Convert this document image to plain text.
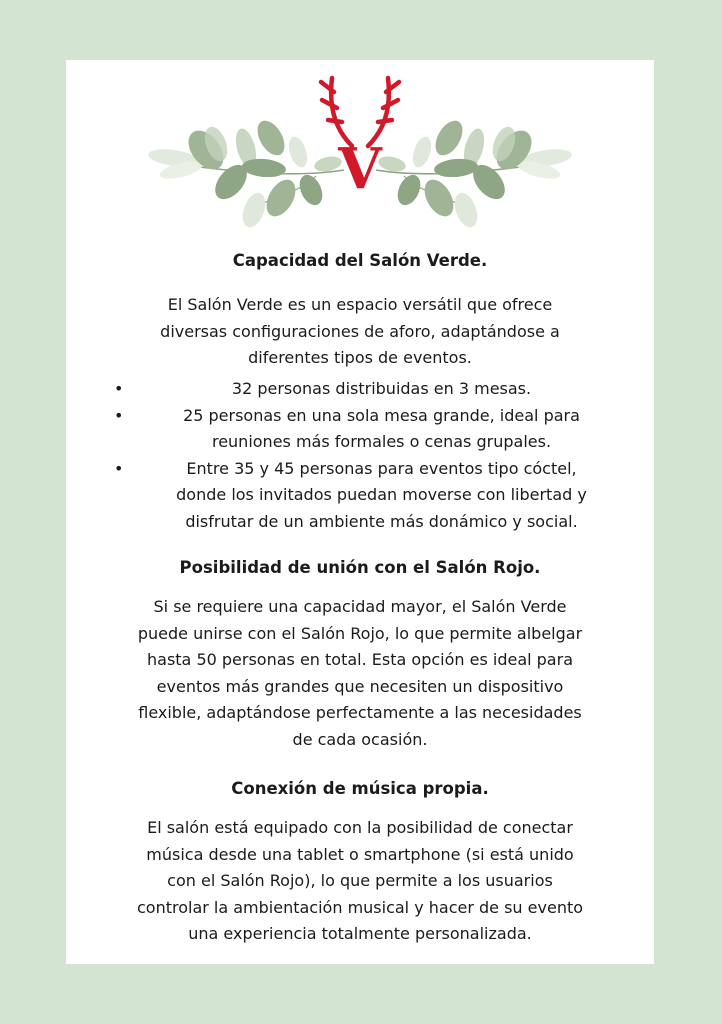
V
Capacidad del Salón Verde.

El Salón Verde es un espacio versátil que ofrece
diversas configuraciones de aforo, adaptándose a
diferentes tipos de eventos.

•	32 personas distribuidas en 3 mesas.
•	25 personas en una sola mesa grande, ideal para
reuniones más formales o cenas grupales.
•	Entre 35 y 45 personas para eventos tipo cóctel,
donde los invitados puedan moverse con libertad y
disfrutar de un ambiente más donámico y social.
Posibilidad de unión con el Salón Rojo.

Si se requiere una capacidad mayor, el Salón Verde
puede unirse con el Salón Rojo, lo que permite albelgar
hasta 50 personas en total. Esta opción es ideal para
eventos más grandes que necesiten un dispositivo
flexible, adaptándose perfectamente a las necesidades
de cada ocasión.

Conexión de música propia.

El salón está equipado con la posibilidad de conectar
música desde una tablet o smartphone (si está unido
con el Salón Rojo), lo que permite a los usuarios
controlar la ambientación musical y hacer de su evento
una experiencia totalmente personalizada.
